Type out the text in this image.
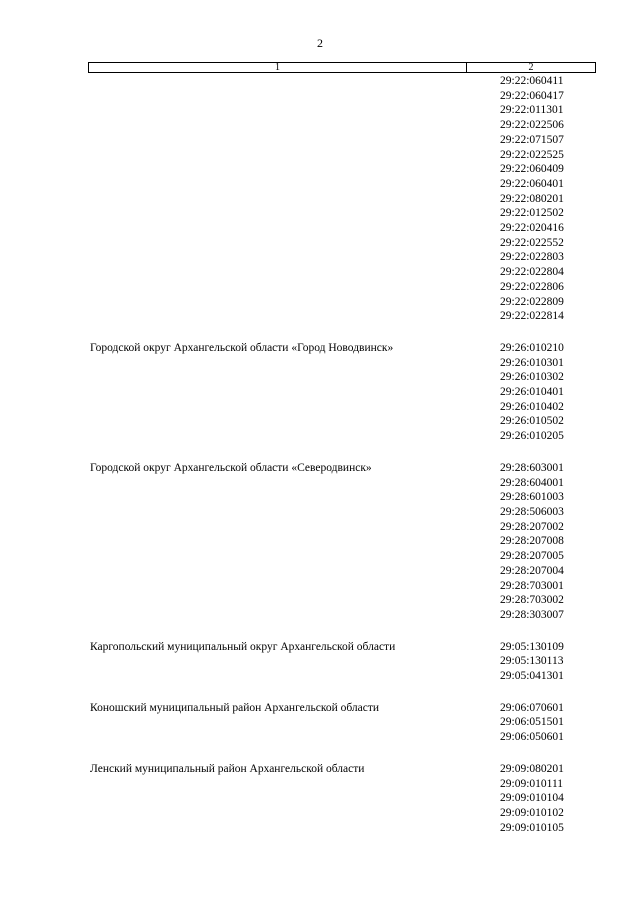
2
1	2
29:22:060411
29:22:060417
29:22:011301
29:22:022506
29:22:071507
29:22:022525
29:22:060409
29:22:060401
29:22:080201
29:22:012502
29:22:020416
29:22:022552
29:22:022803
29:22:022804
29:22:022806
29:22:022809
29:22:022814
Городской округ Архангельской области «Город Новодвинск»	29:26:010210
29:26:010301
29:26:010302
29:26:010401
29:26:010402
29:26:010502
29:26:010205
Городской округ Архангельской области «Северодвинск»	29:28:603001
29:28:604001
29:28:601003
29:28:506003
29:28:207002
29:28:207008
29:28:207005
29:28:207004
29:28:703001
29:28:703002
29:28:303007
Каргопольский муниципальный округ Архангельской области	29:05:130109
29:05:130113
29:05:041301
Коношский муниципальный район Архангельской области	29:06:070601
29:06:051501
29:06:050601
Ленский муниципальный район Архангельской области	29:09:080201
29:09:010111
29:09:010104
29:09:010102
29:09:010105
